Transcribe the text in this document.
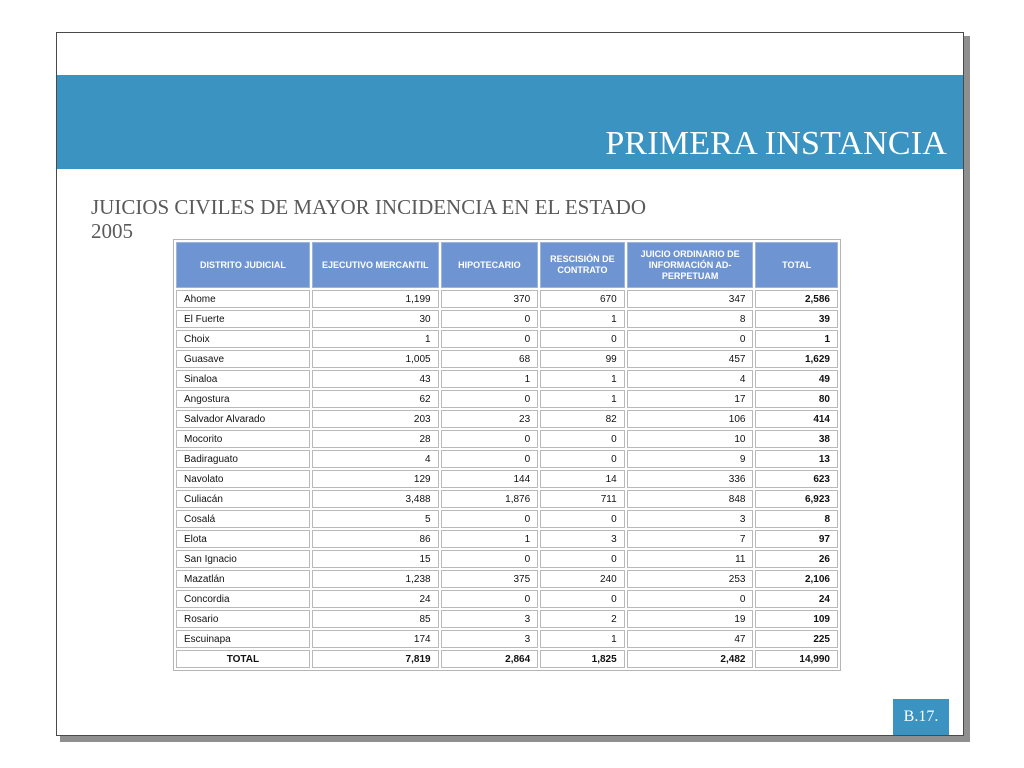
PRIMERA INSTANCIA
JUICIOS CIVILES DE MAYOR INCIDENCIA EN EL ESTADO
2005
DISTRITO JUDICIAL	EJECUTIVO MERCANTIL	HIPOTECARIO	RESCISIÓN DE CONTRATO	JUICIO ORDINARIO DE INFORMACIÓN AD-PERPETUAM	TOTAL
Ahome	1,199	370	670	347	2,586
El Fuerte	30	0	1	8	39
Choix	1	0	0	0	1
Guasave	1,005	68	99	457	1,629
Sinaloa	43	1	1	4	49
Angostura	62	0	1	17	80
Salvador Alvarado	203	23	82	106	414
Mocorito	28	0	0	10	38
Badiraguato	4	0	0	9	13
Navolato	129	144	14	336	623
Culiacán	3,488	1,876	711	848	6,923
Cosalá	5	0	0	3	8
Elota	86	1	3	7	97
San Ignacio	15	0	0	11	26
Mazatlán	1,238	375	240	253	2,106
Concordia	24	0	0	0	24
Rosario	85	3	2	19	109
Escuinapa	174	3	1	47	225
TOTAL	7,819	2,864	1,825	2,482	14,990
B.17.
